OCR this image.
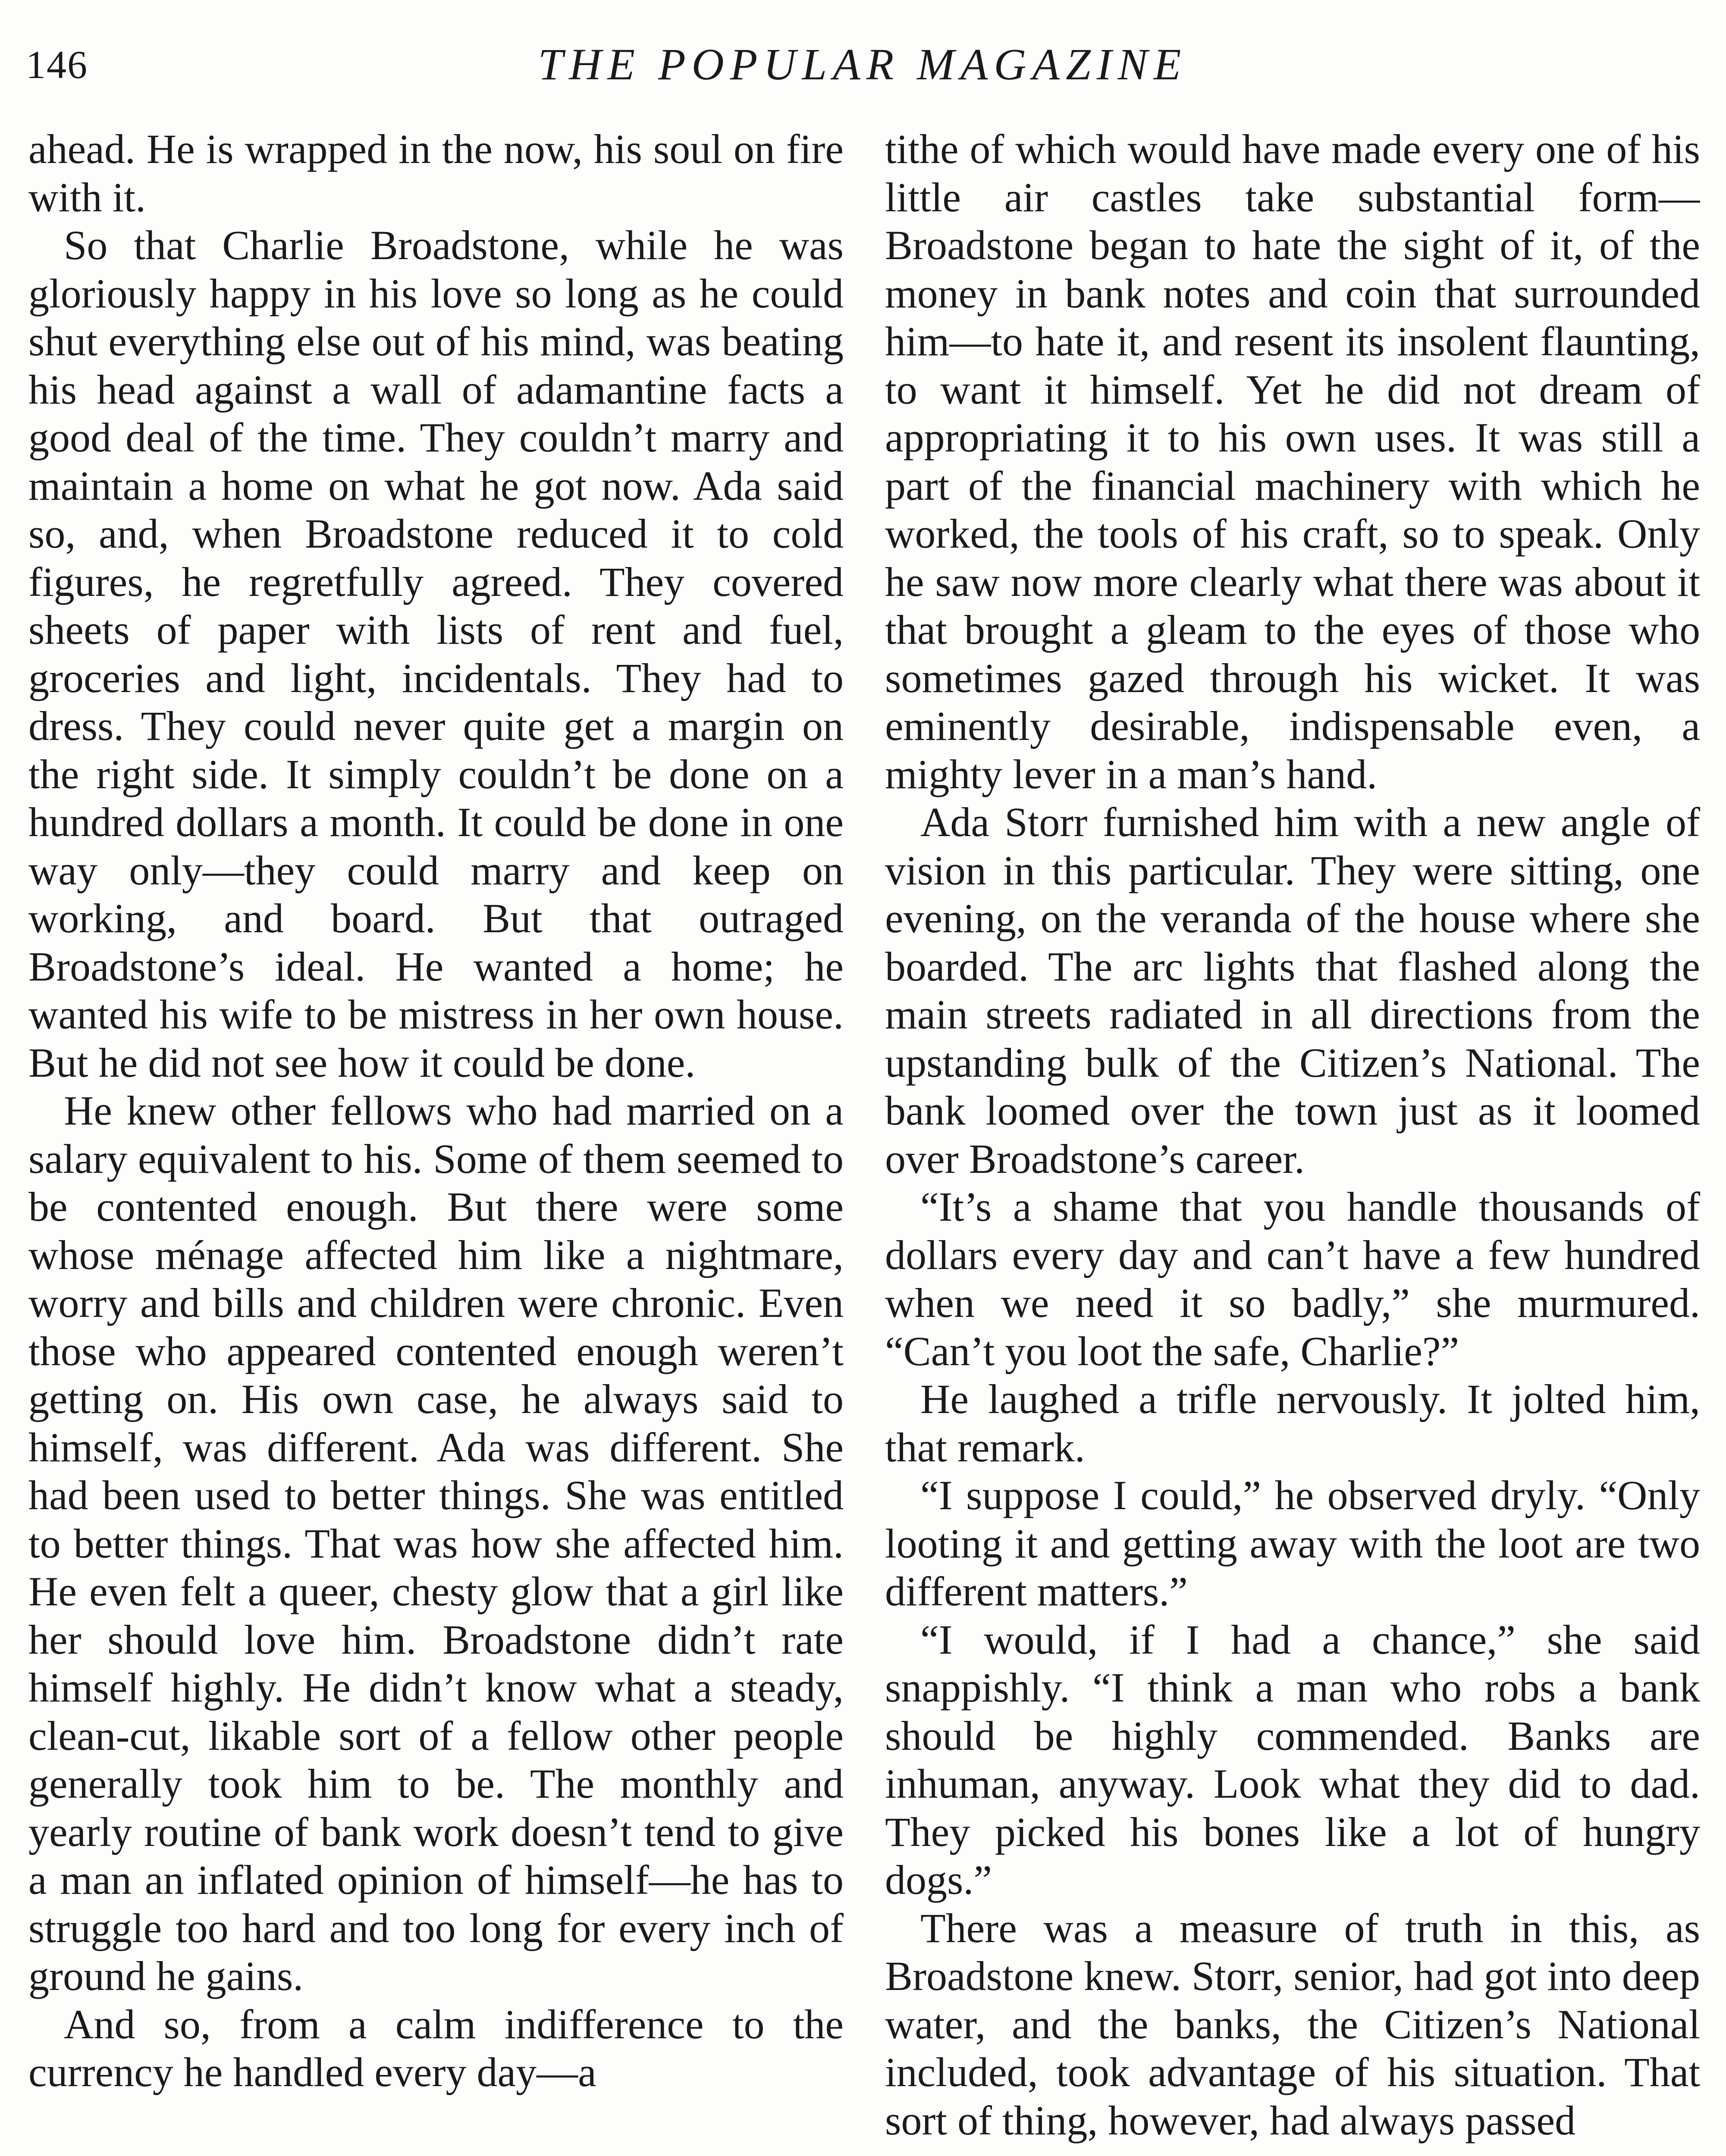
146	THE POPULAR MAGAZINE

ahead. He is wrapped in the now, his soul on fire with it.

So that Charlie Broadstone, while he was gloriously happy in his love so long as he could shut everything else out of his mind, was beating his head against a wall of adamantine facts a good deal of the time. They couldn’t marry and maintain a home on what he got now. Ada said so, and, when Broadstone reduced it to cold figures, he regretfully agreed. They covered sheets of paper with lists of rent and fuel, groceries and light, incidentals. They had to dress. They could never quite get a margin on the right side. It simply couldn’t be done on a hundred dollars a month. It could be done in one way only—they could marry and keep on working, and board. But that outraged Broadstone’s ideal. He wanted a home; he wanted his wife to be mistress in her own house. But he did not see how it could be done.

He knew other fellows who had married on a salary equivalent to his. Some of them seemed to be contented enough. But there were some whose ménage affected him like a nightmare, worry and bills and children were chronic. Even those who appeared contented enough weren’t getting on. His own case, he always said to himself, was different. Ada was different. She had been used to better things. She was entitled to better things. That was how she affected him. He even felt a queer, chesty glow that a girl like her should love him. Broadstone didn’t rate himself highly. He didn’t know what a steady, clean-cut, likable sort of a fellow other people generally took him to be. The monthly and yearly routine of bank work doesn’t tend to give a man an inflated opinion of himself—he has to struggle too hard and too long for every inch of ground he gains.

And so, from a calm indifference to the currency he handled every day—a

tithe of which would have made every one of his little air castles take substantial form—Broadstone began to hate the sight of it, of the money in bank notes and coin that surrounded him—to hate it, and resent its insolent flaunting, to want it himself. Yet he did not dream of appropriating it to his own uses. It was still a part of the financial machinery with which he worked, the tools of his craft, so to speak. Only he saw now more clearly what there was about it that brought a gleam to the eyes of those who sometimes gazed through his wicket. It was eminently desirable, indispensable even, a mighty lever in a man’s hand.

Ada Storr furnished him with a new angle of vision in this particular. They were sitting, one evening, on the veranda of the house where she boarded. The arc lights that flashed along the main streets radiated in all directions from the upstanding bulk of the Citizen’s National. The bank loomed over the town just as it loomed over Broadstone’s career.

“It’s a shame that you handle thousands of dollars every day and can’t have a few hundred when we need it so badly,” she murmured. “Can’t you loot the safe, Charlie?”

He laughed a trifle nervously. It jolted him, that remark.

“I suppose I could,” he observed dryly. “Only looting it and getting away with the loot are two different matters.”

“I would, if I had a chance,” she said snappishly. “I think a man who robs a bank should be highly commended. Banks are inhuman, anyway. Look what they did to dad. They picked his bones like a lot of hungry dogs.”

There was a measure of truth in this, as Broadstone knew. Storr, senior, had got into deep water, and the banks, the Citizen’s National included, took advantage of his situation. That sort of thing, however, had always passed
